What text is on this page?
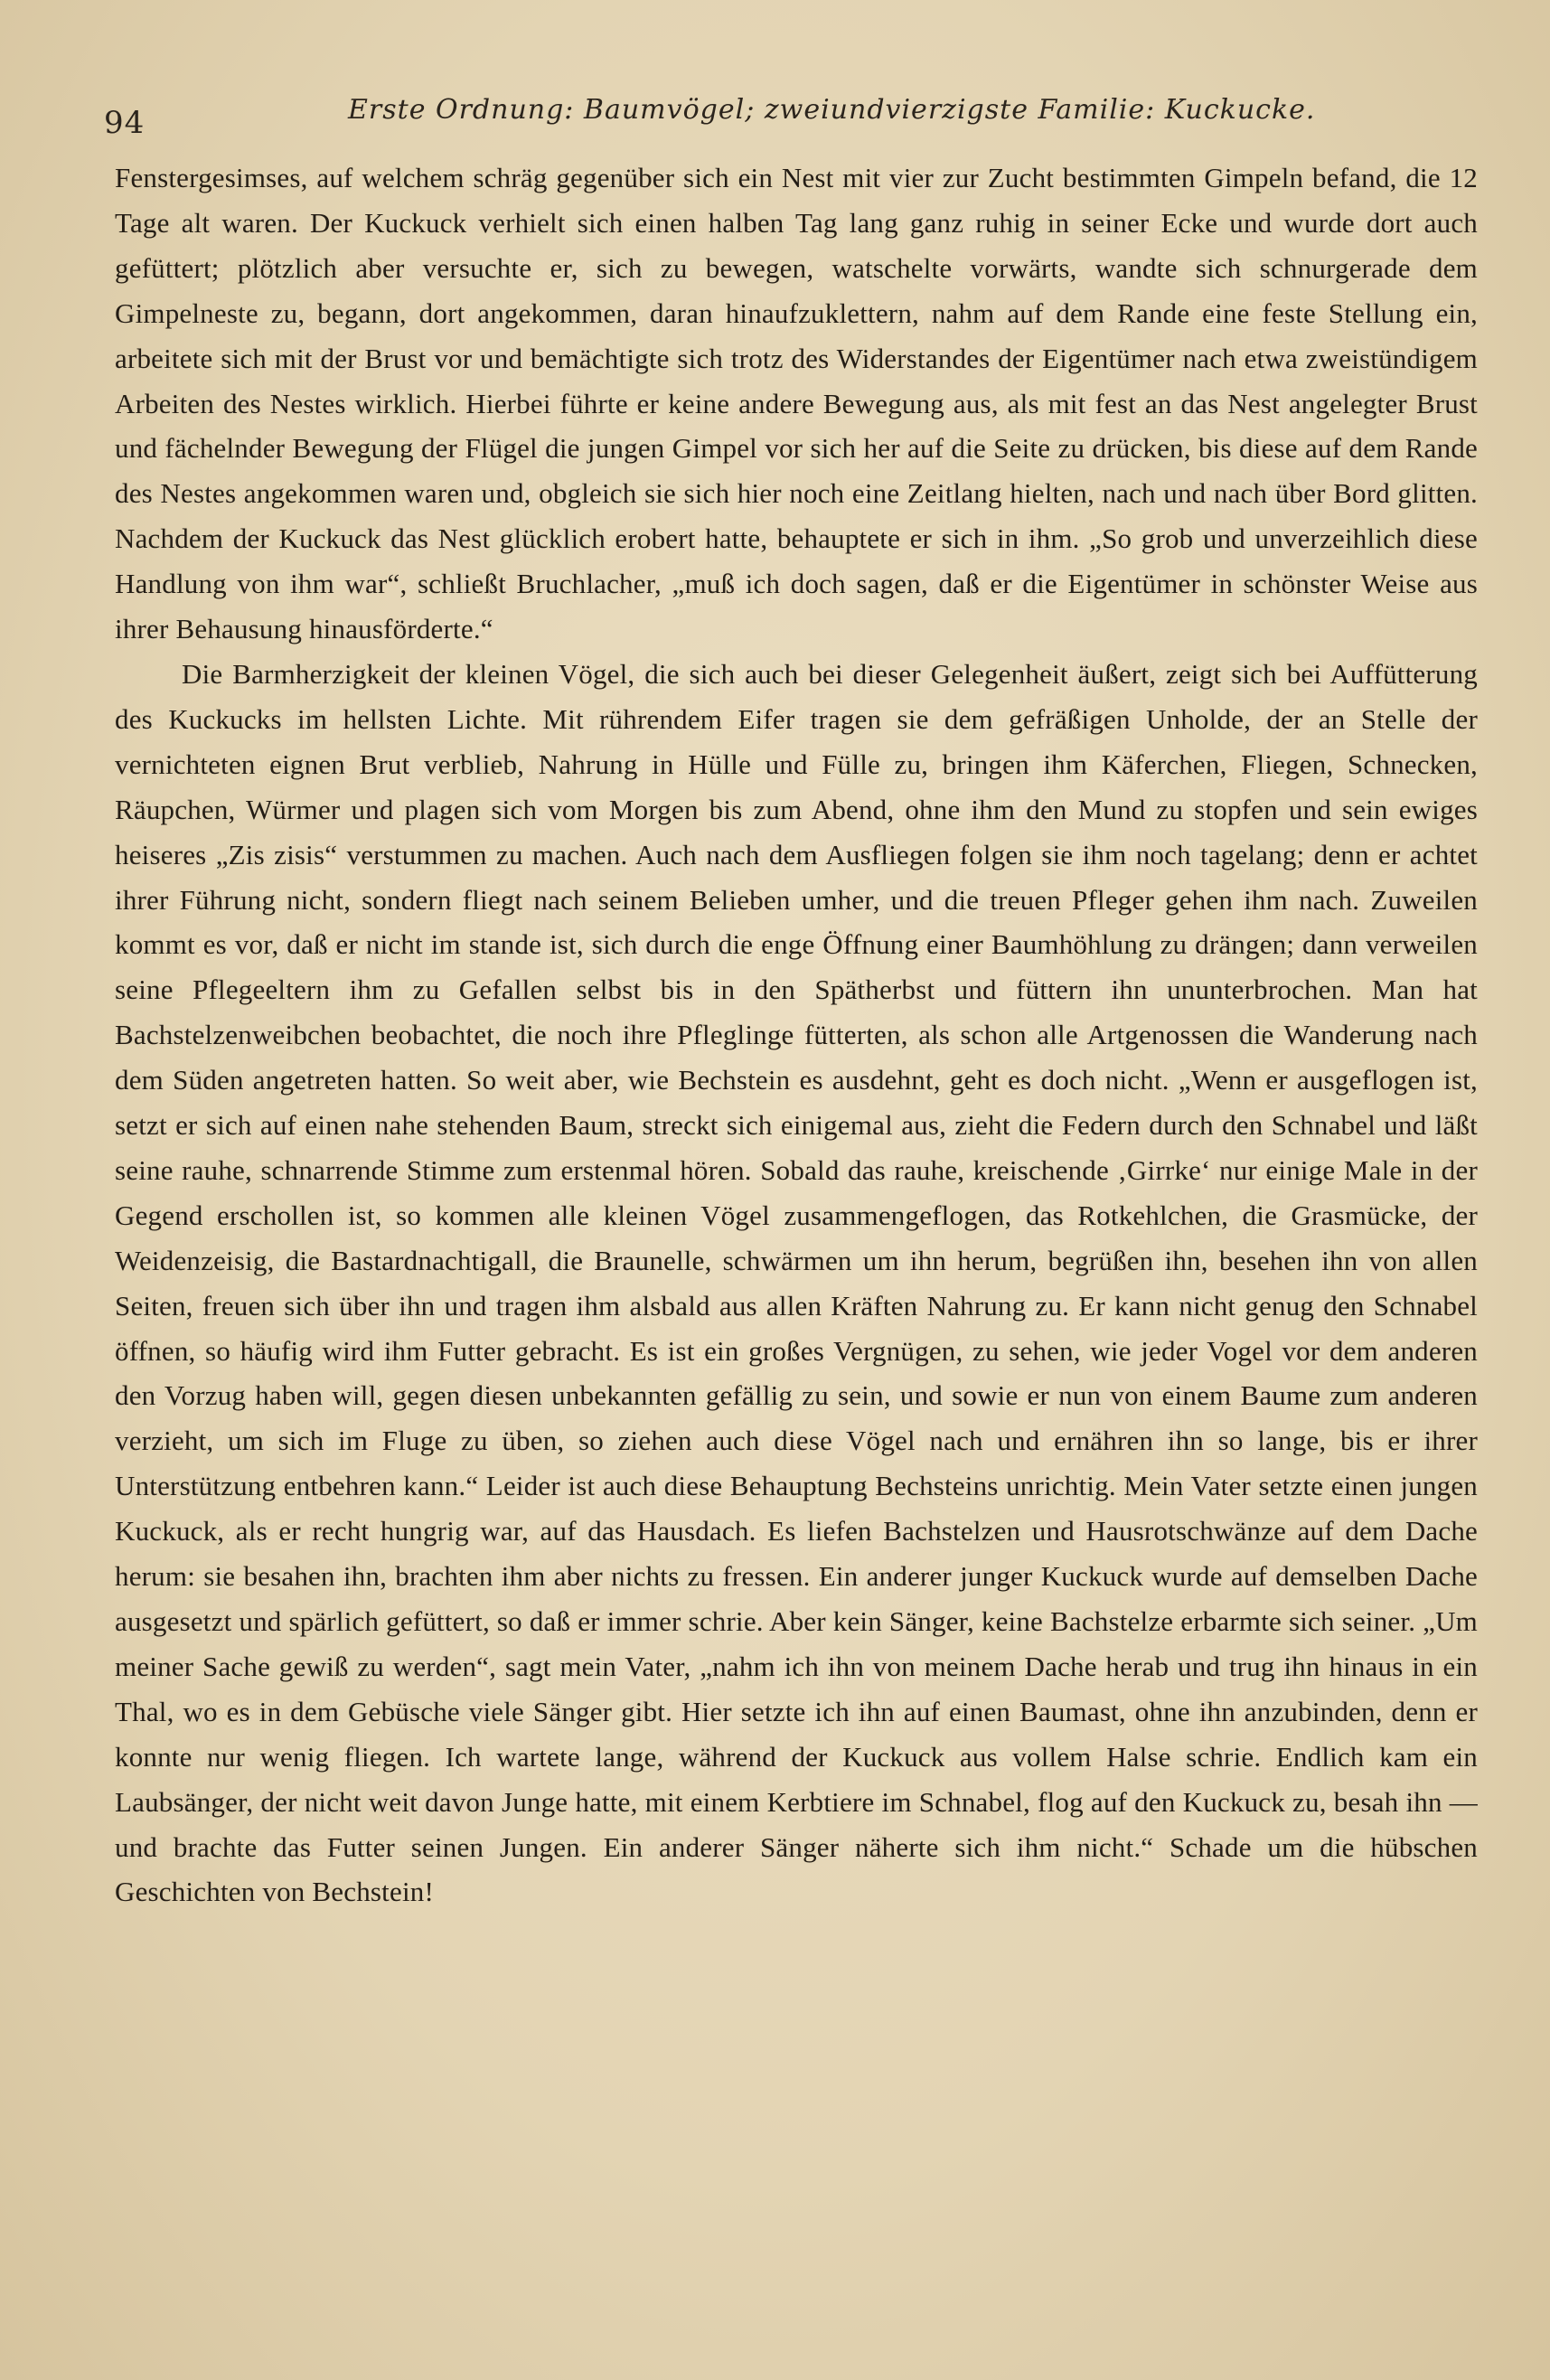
94	Erste Ordnung: Baumvögel; zweiundvierzigste Familie: Kuckucke.

Fenstergesimses, auf welchem schräg gegenüber sich ein Nest mit vier zur Zucht bestimmten Gimpeln befand, die 12 Tage alt waren. Der Kuckuck verhielt sich einen halben Tag lang ganz ruhig in seiner Ecke und wurde dort auch gefüttert; plötzlich aber versuchte er, sich zu bewegen, watschelte vorwärts, wandte sich schnurgerade dem Gimpelneste zu, begann, dort angekommen, daran hinaufzuklettern, nahm auf dem Rande eine feste Stellung ein, arbeitete sich mit der Brust vor und bemächtigte sich trotz des Widerstandes der Eigentümer nach etwa zweistündigem Arbeiten des Nestes wirklich. Hierbei führte er keine andere Bewegung aus, als mit fest an das Nest angelegter Brust und fächelnder Bewegung der Flügel die jungen Gimpel vor sich her auf die Seite zu drücken, bis diese auf dem Rande des Nestes angekommen waren und, obgleich sie sich hier noch eine Zeitlang hielten, nach und nach über Bord glitten. Nachdem der Kuckuck das Nest glücklich erobert hatte, behauptete er sich in ihm. „So grob und unverzeihlich diese Handlung von ihm war“, schließt Bruchlacher, „muß ich doch sagen, daß er die Eigentümer in schönster Weise aus ihrer Behausung hinausförderte.“

Die Barmherzigkeit der kleinen Vögel, die sich auch bei dieser Gelegenheit äußert, zeigt sich bei Auffütterung des Kuckucks im hellsten Lichte. Mit rührendem Eifer tragen sie dem gefräßigen Unholde, der an Stelle der vernichteten eignen Brut verblieb, Nahrung in Hülle und Fülle zu, bringen ihm Käferchen, Fliegen, Schnecken, Räupchen, Würmer und plagen sich vom Morgen bis zum Abend, ohne ihm den Mund zu stopfen und sein ewiges heiseres „Zis zisis“ verstummen zu machen. Auch nach dem Ausfliegen folgen sie ihm noch tagelang; denn er achtet ihrer Führung nicht, sondern fliegt nach seinem Belieben umher, und die treuen Pfleger gehen ihm nach. Zuweilen kommt es vor, daß er nicht im stande ist, sich durch die enge Öffnung einer Baumhöhlung zu drängen; dann verweilen seine Pflegeeltern ihm zu Gefallen selbst bis in den Spätherbst und füttern ihn ununterbrochen. Man hat Bachstelzenweibchen beobachtet, die noch ihre Pfleglinge fütterten, als schon alle Artgenossen die Wanderung nach dem Süden angetreten hatten. So weit aber, wie Bechstein es ausdehnt, geht es doch nicht. „Wenn er ausgeflogen ist, setzt er sich auf einen nahe stehenden Baum, streckt sich einigemal aus, zieht die Federn durch den Schnabel und läßt seine rauhe, schnarrende Stimme zum erstenmal hören. Sobald das rauhe, kreischende ‚Girrke‘ nur einige Male in der Gegend erschollen ist, so kommen alle kleinen Vögel zusammengeflogen, das Rotkehlchen, die Grasmücke, der Weidenzeisig, die Bastardnachtigall, die Braunelle, schwärmen um ihn herum, begrüßen ihn, besehen ihn von allen Seiten, freuen sich über ihn und tragen ihm alsbald aus allen Kräften Nahrung zu. Er kann nicht genug den Schnabel öffnen, so häufig wird ihm Futter gebracht. Es ist ein großes Vergnügen, zu sehen, wie jeder Vogel vor dem anderen den Vorzug haben will, gegen diesen unbekannten gefällig zu sein, und sowie er nun von einem Baume zum anderen verzieht, um sich im Fluge zu üben, so ziehen auch diese Vögel nach und ernähren ihn so lange, bis er ihrer Unterstützung entbehren kann.“ Leider ist auch diese Behauptung Bechsteins unrichtig. Mein Vater setzte einen jungen Kuckuck, als er recht hungrig war, auf das Hausdach. Es liefen Bachstelzen und Hausrotschwänze auf dem Dache herum: sie besahen ihn, brachten ihm aber nichts zu fressen. Ein anderer junger Kuckuck wurde auf demselben Dache ausgesetzt und spärlich gefüttert, so daß er immer schrie. Aber kein Sänger, keine Bachstelze erbarmte sich seiner. „Um meiner Sache gewiß zu werden“, sagt mein Vater, „nahm ich ihn von meinem Dache herab und trug ihn hinaus in ein Thal, wo es in dem Gebüsche viele Sänger gibt. Hier setzte ich ihn auf einen Baumast, ohne ihn anzubinden, denn er konnte nur wenig fliegen. Ich wartete lange, während der Kuckuck aus vollem Halse schrie. Endlich kam ein Laubsänger, der nicht weit davon Junge hatte, mit einem Kerbtiere im Schnabel, flog auf den Kuckuck zu, besah ihn — und brachte das Futter seinen Jungen. Ein anderer Sänger näherte sich ihm nicht.“ Schade um die hübschen Geschichten von Bechstein!
